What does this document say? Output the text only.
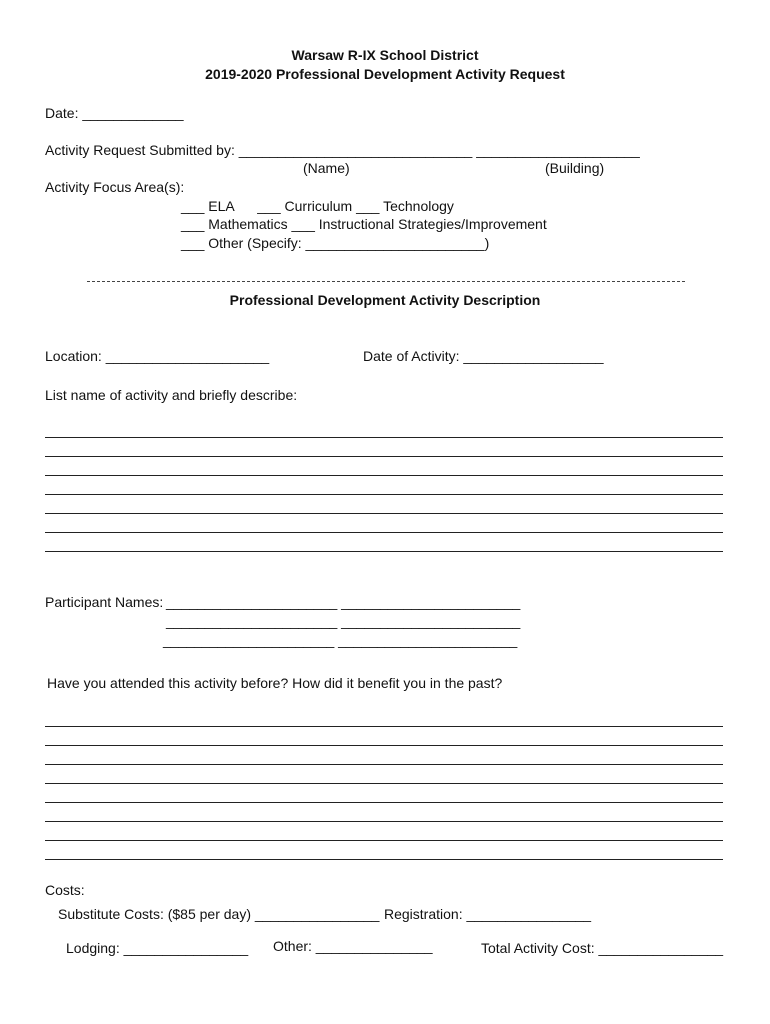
Warsaw R-IX School District
2019-2020 Professional Development Activity Request
Date: _____________
Activity Request Submitted by: ______________________________ _____________________
(Name)	(Building)
Activity Focus Area(s):
___ ELA      ___ Curriculum ___ Technology
___ Mathematics ___ Instructional Strategies/Improvement
___ Other (Specify: _______________________)
Professional Development Activity Description
Location: _____________________	Date of Activity: __________________
List name of activity and briefly describe:
Participant Names: ______________________ _______________________
______________________ _______________________
______________________ _______________________
Have you attended this activity before? How did it benefit you in the past?
Costs:
Substitute Costs: ($85 per day) ________________ Registration: ________________
Lodging: ________________ Other: _______________	Total Activity Cost: ________________
